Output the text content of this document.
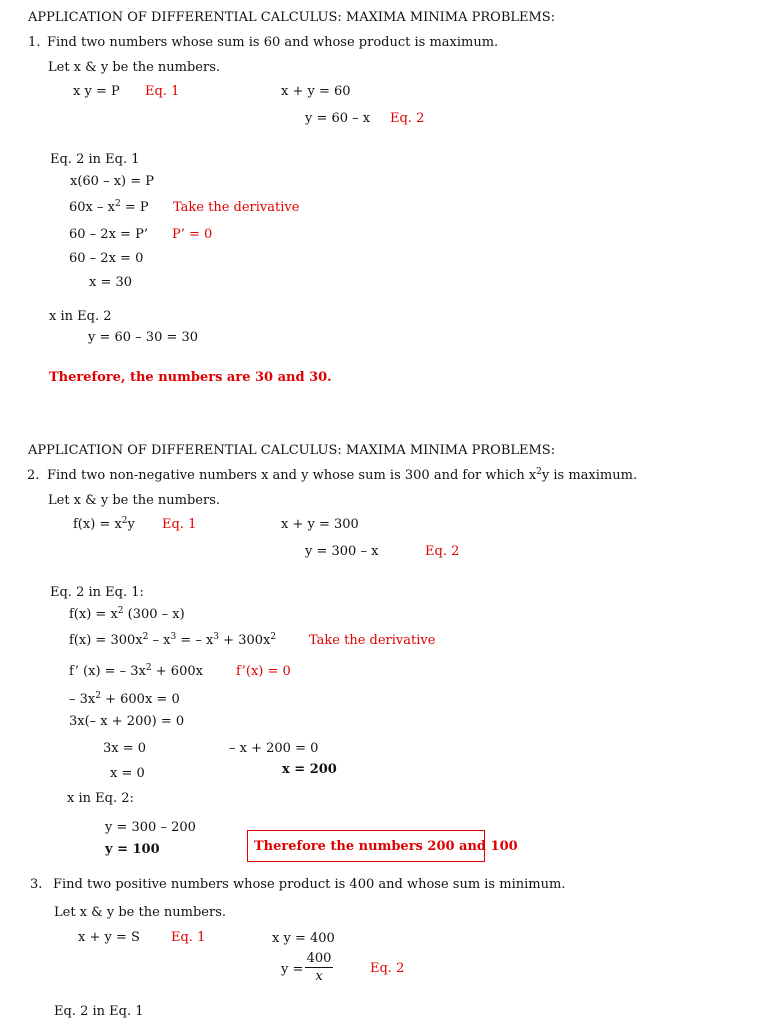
APPLICATION OF DIFFERENTIAL CALCULUS: MAXIMA MINIMA PROBLEMS:
1. Find two numbers whose sum is 60 and whose product is maximum.
Let x & y be the numbers.
x y = P Eq. 1	x + y = 60
y = 60 – x Eq. 2
Eq. 2 in Eq. 1
x(60 – x) = P
$60x - x^2 = P$ Take the derivative
60 – 2x = P’ P’ = 0
60 – 2x = 0
x = 30
x in Eq. 2
y = 60 – 30 = 30
Therefore, the numbers are 30 and 30.
APPLICATION OF DIFFERENTIAL CALCULUS: MAXIMA MINIMA PROBLEMS:
2. Find two non-negative numbers x and y whose sum is 300 and for which $x^2y$ is maximum.
Let x & y be the numbers.
$f(x) = x^2y$ Eq. 1	x + y = 300
y = 300 – x	Eq. 2
Eq. 2 in Eq. 1:
$f(x) = x^2$ (300 – x)
$f(x) = 300x^2 - x^3$ = – $x^3 + 300x^2$	Take the derivative
f’ (x) = – $3x^2 + 600x$	f’(x) = 0
– $3x^2 + 600x = 0$
3x(– x + 200) = 0
3x = 0	– x + 200 = 0
x = 0	x = 200
x in Eq. 2:
y = 300 – 200
y = 100	Therefore the numbers 200 and 100
3. Find two positive numbers whose product is 400 and whose sum is minimum.
Let x & y be the numbers.
x + y = S Eq. 1	x y = 400
$y = \frac{400}{x}$	Eq. 2
Eq. 2 in Eq. 1
